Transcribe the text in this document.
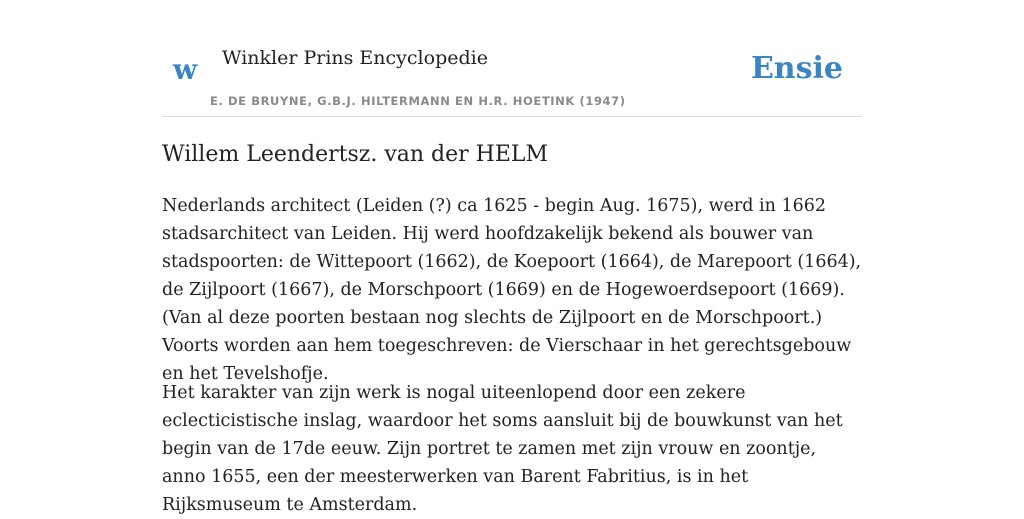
w Winkler Prins Encyclopedie
E. DE BRUYNE, G.B.J. HILTERMANN EN H.R. HOETINK (1947)
Ensie
Willem Leendertsz. van der HELM

Nederlands architect (Leiden (?) ca 1625 - begin Aug. 1675), werd in 1662 stadsarchitect van Leiden. Hij werd hoofdzakelijk bekend als bouwer van stadspoorten: de Wittepoort (1662), de Koepoort (1664), de Marepoort (1664), de Zijlpoort (1667), de Morschpoort (1669) en de Hogewoerdsepoort (1669). (Van al deze poorten bestaan nog slechts de Zijlpoort en de Morschpoort.) Voorts worden aan hem toegeschreven: de Vierschaar in het gerechtsgebouw en het Tevelshofje.

Het karakter van zijn werk is nogal uiteenlopend door een zekere eclecticistische inslag, waardoor het soms aansluit bij de bouwkunst van het begin van de 17de eeuw. Zijn portret te zamen met zijn vrouw en zoontje, anno 1655, een der meesterwerken van Barent Fabritius, is in het Rijksmuseum te Amsterdam.
